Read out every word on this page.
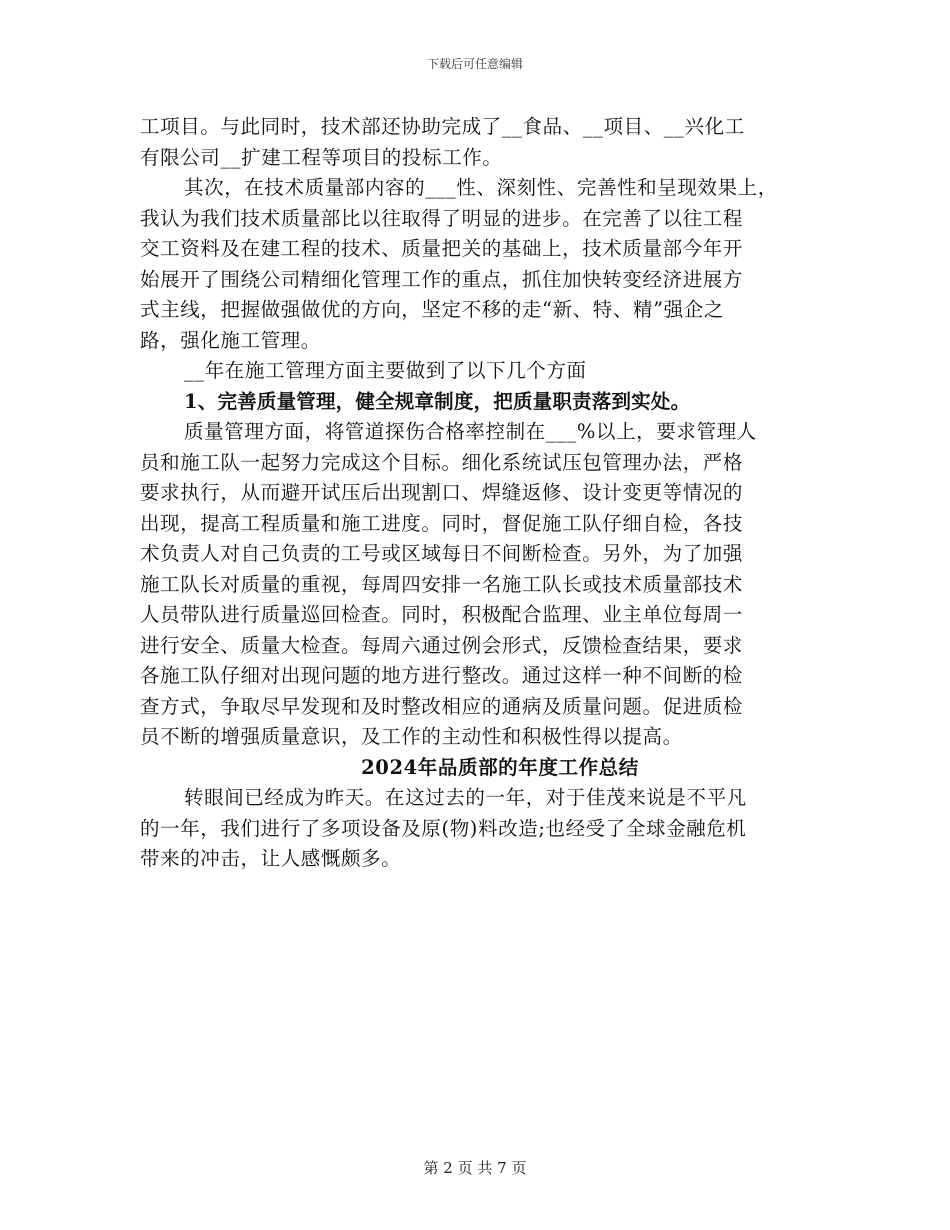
下载后可任意编辑
工项目。与此同时，技术部还协助完成了__食品、__项目、__兴化工
有限公司__扩建工程等项目的投标工作。
其次，在技术质量部内容的___性、深刻性、完善性和呈现效果上，
我认为我们技术质量部比以往取得了明显的进步。在完善了以往工程
交工资料及在建工程的技术、质量把关的基础上，技术质量部今年开
始展开了围绕公司精细化管理工作的重点，抓住加快转变经济进展方
式主线，把握做强做优的方向，坚定不移的走“新、特、精”强企之
路，强化施工管理。
__年在施工管理方面主要做到了以下几个方面
1、完善质量管理，健全规章制度，把质量职责落到实处。
质量管理方面，将管道探伤合格率控制在___%以上，要求管理人
员和施工队一起努力完成这个目标。细化系统试压包管理办法，严格
要求执行，从而避开试压后出现割口、焊缝返修、设计变更等情况的
出现，提高工程质量和施工进度。同时，督促施工队仔细自检，各技
术负责人对自己负责的工号或区域每日不间断检查。另外，为了加强
施工队长对质量的重视，每周四安排一名施工队长或技术质量部技术
人员带队进行质量巡回检查。同时，积极配合监理、业主单位每周一
进行安全、质量大检查。每周六通过例会形式，反馈检查结果，要求
各施工队仔细对出现问题的地方进行整改。通过这样一种不间断的检
查方式，争取尽早发现和及时整改相应的通病及质量问题。促进质检
员不断的增强质量意识，及工作的主动性和积极性得以提高。
2024年品质部的年度工作总结
转眼间已经成为昨天。在这过去的一年，对于佳茂来说是不平凡
的一年，我们进行了多项设备及原(物)料改造;也经受了全球金融危机
带来的冲击，让人感慨颇多。
第 2 页 共 7 页
